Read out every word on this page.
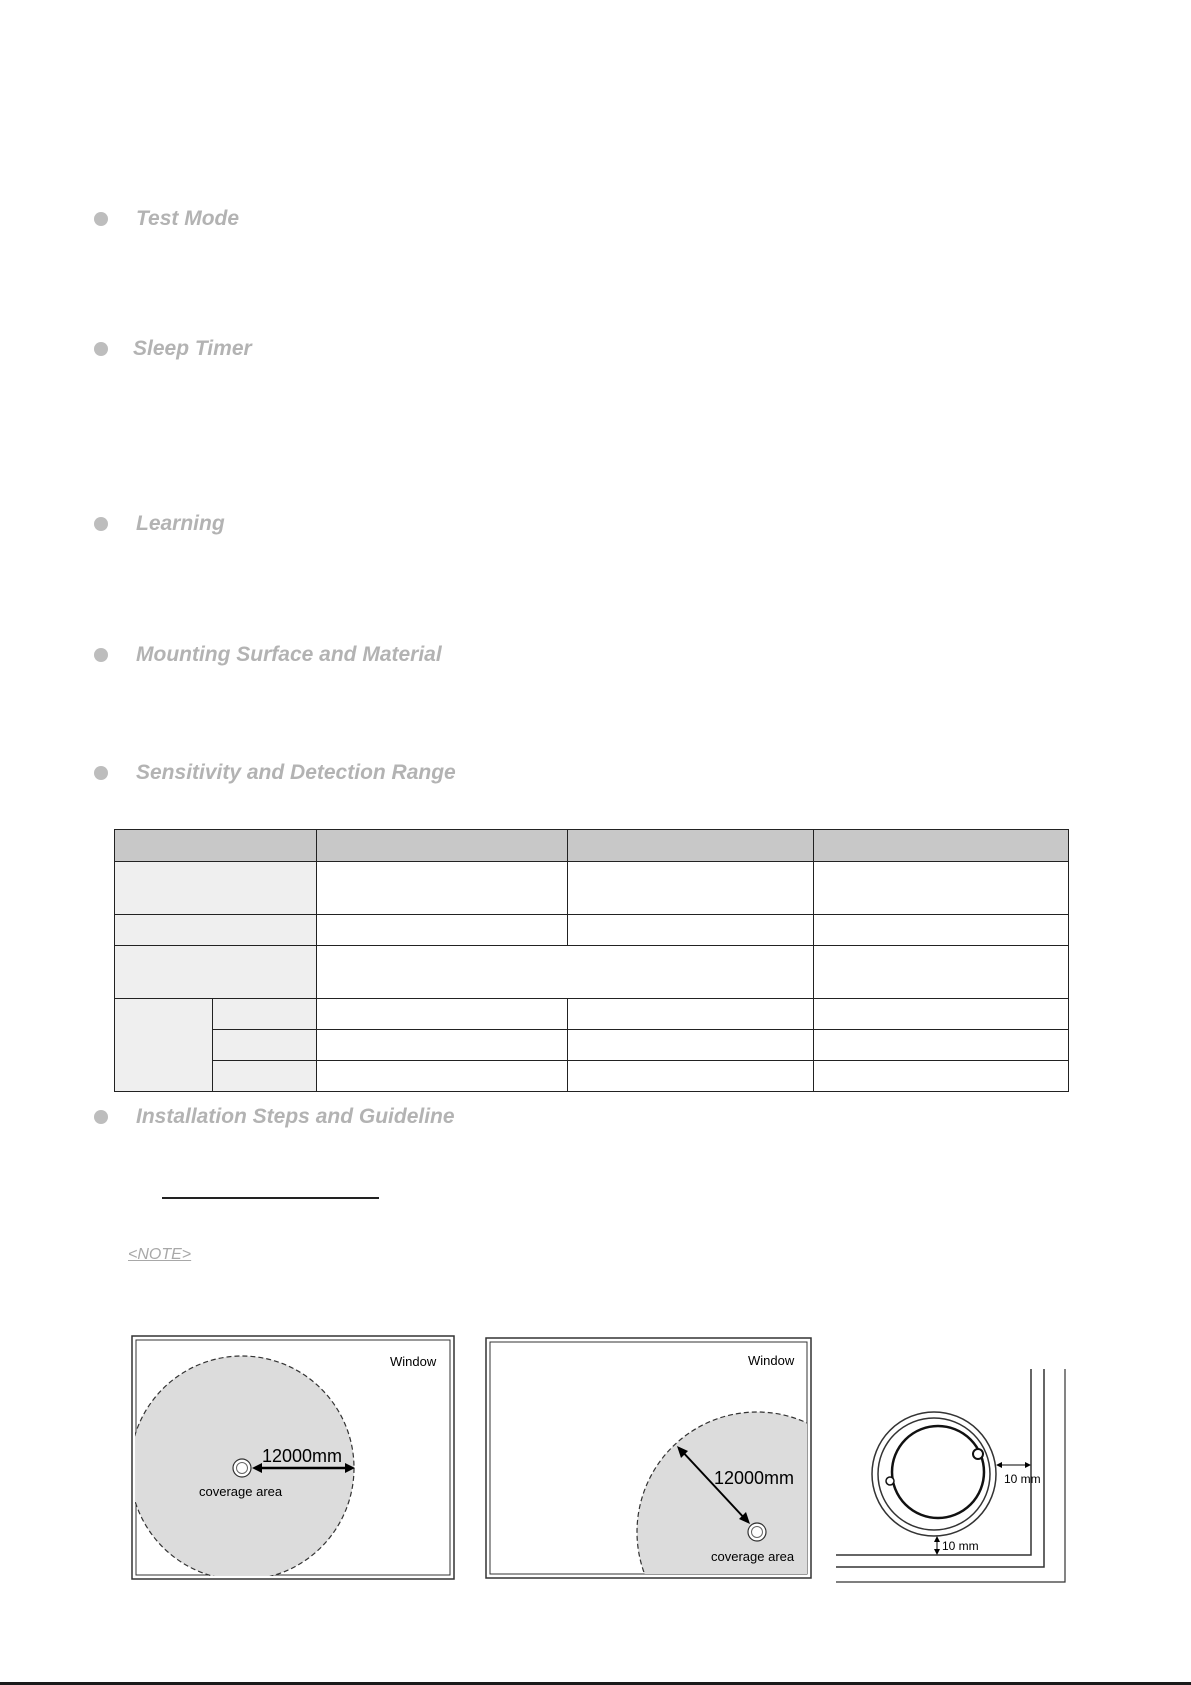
Test Mode
Sleep Timer
Learning
Mounting Surface and Material
Sensitivity and Detection Range

Installation Steps and Guideline
<NOTE>
12000mm
coverage area
Window
12000mm
coverage area
Window
10 mm
10 mm
